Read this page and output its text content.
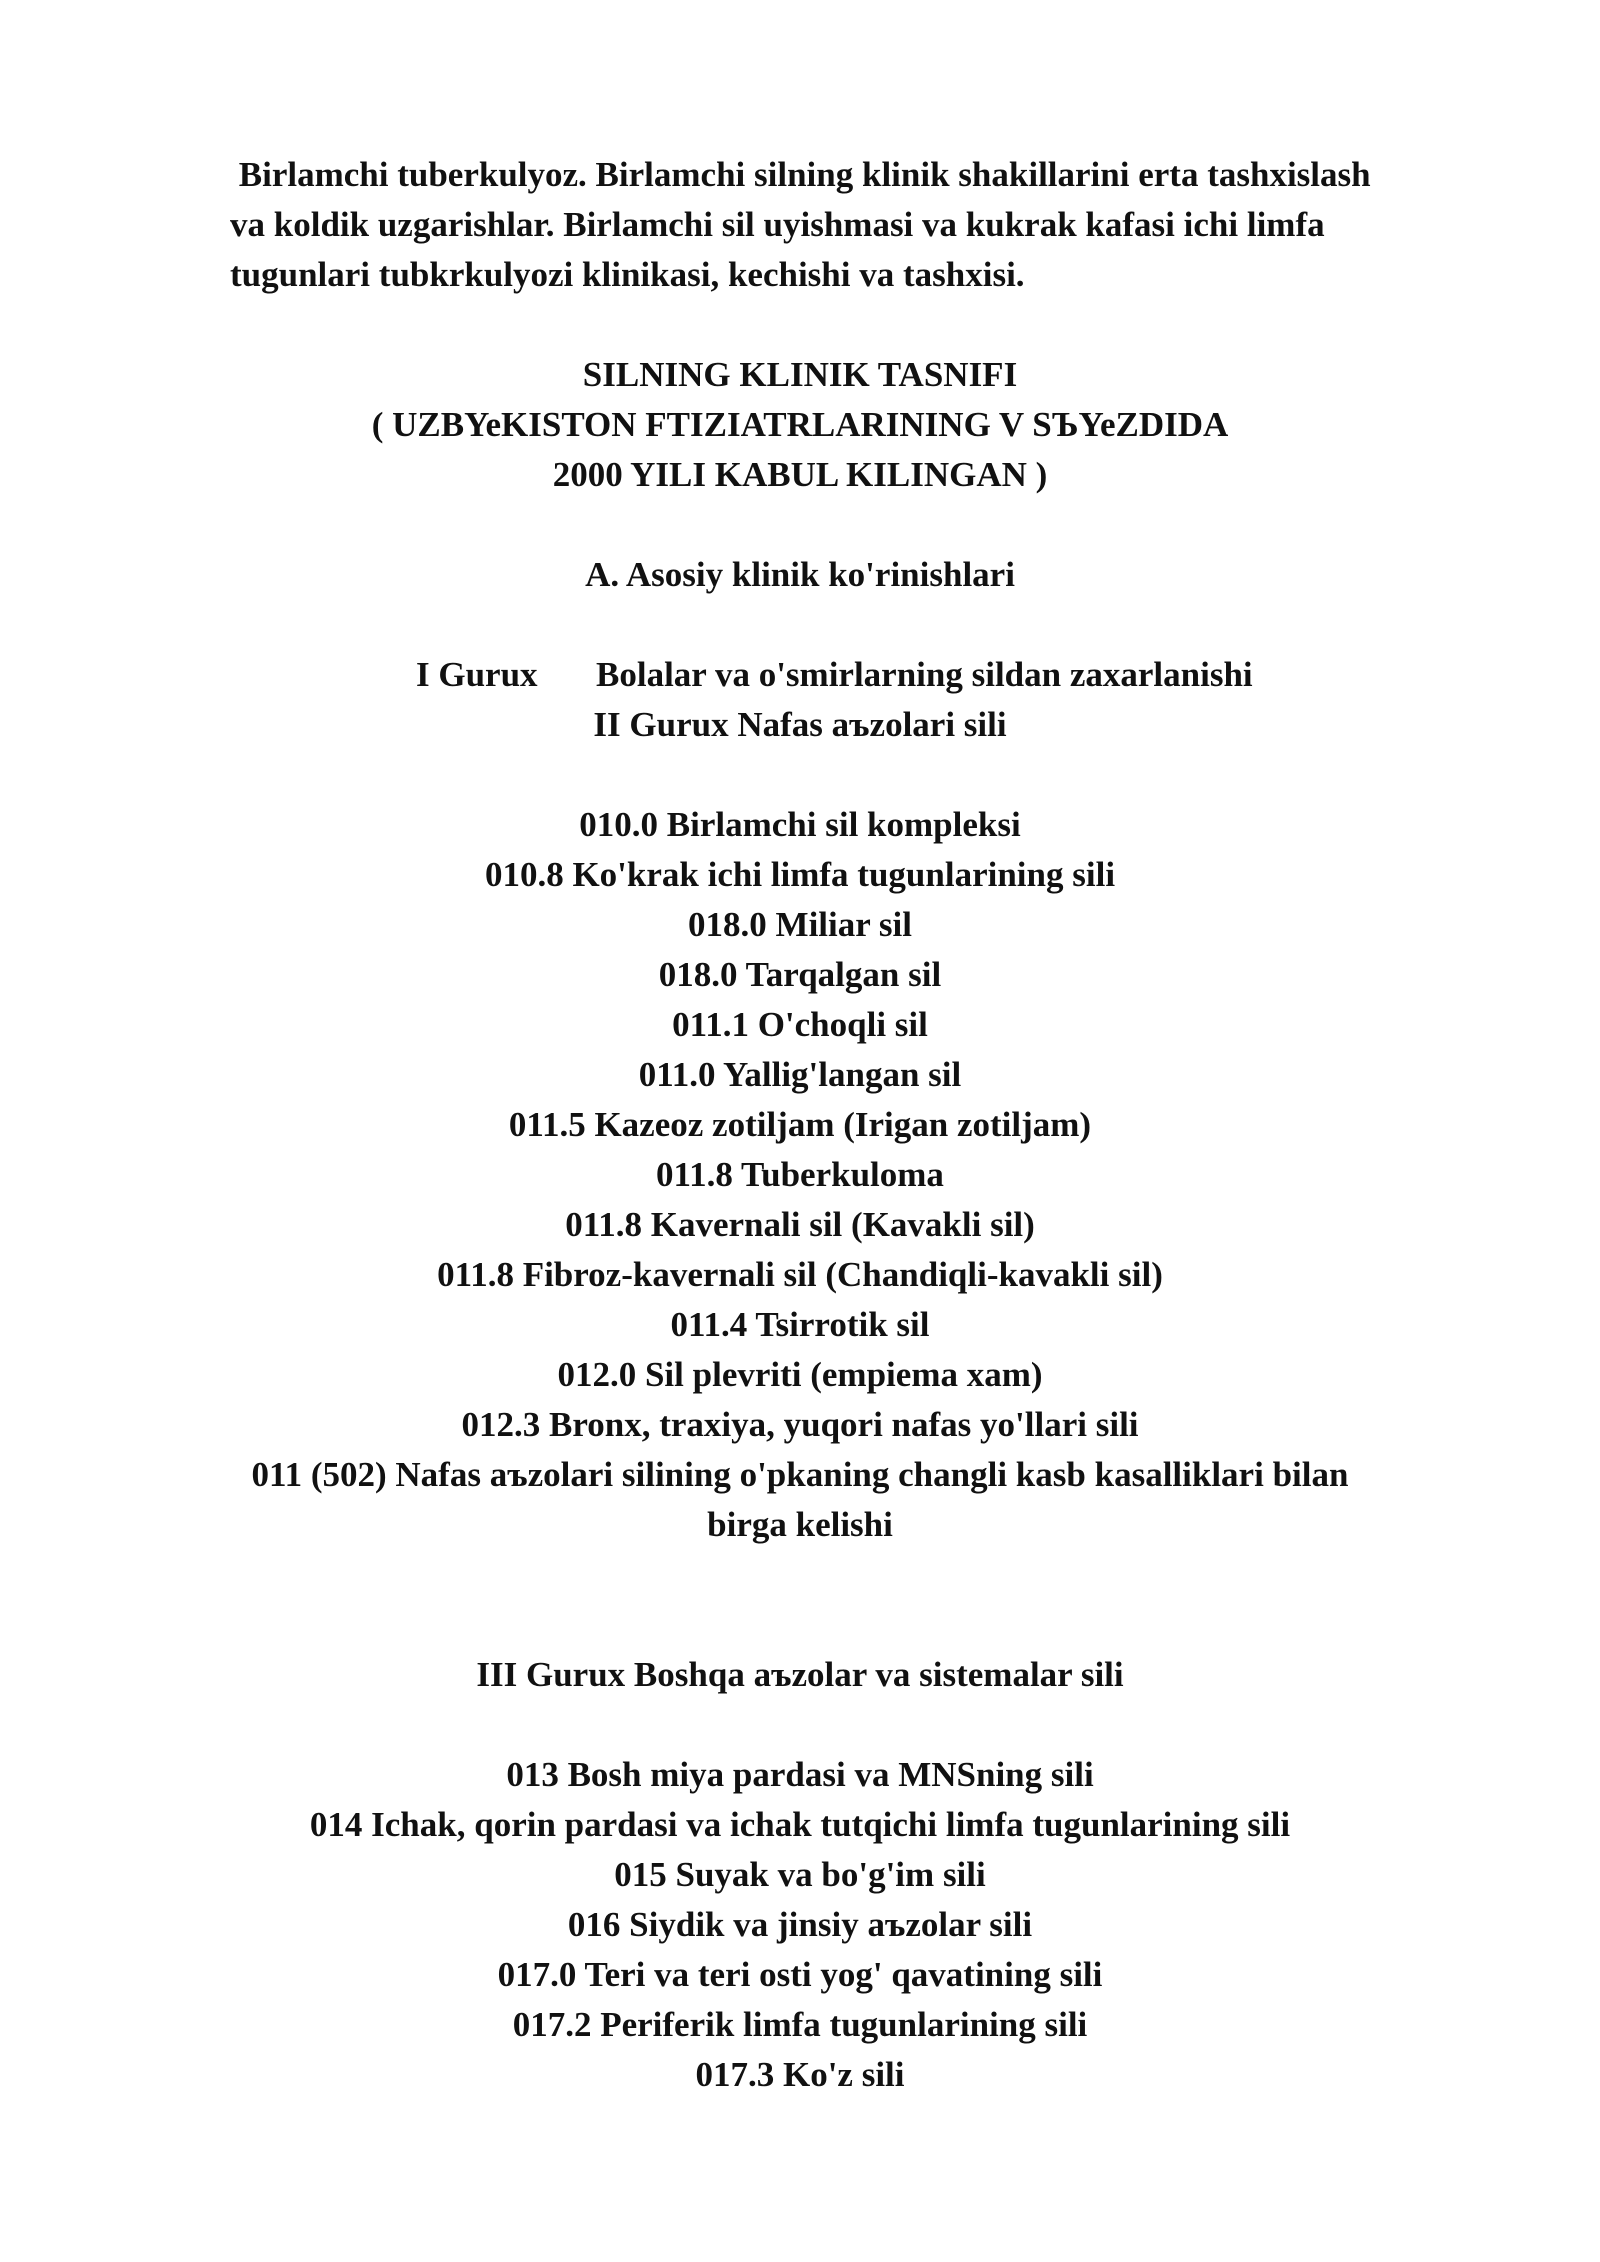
Birlamchi tuberkulyoz. Birlamchi silning klinik shakillarini erta tashxislash

va koldik uzgarishlar. Birlamchi sil uyishmasi va kukrak kafasi ichi limfa

tugunlari tubkrkulyozi klinikasi, kechishi va tashxisi.

SILNING KLINIK TASNIFI
( UZBYeKISTON FTIZIATRLARINING V SЪYeZDIDA
2000 YILI KABUL KILINGAN )
A. Asosiy klinik ko'rinishlari
I Gurux Bolalar va o'smirlarning sildan zaxarlanishi
II Gurux Nafas aъzolari sili
010.0 Birlamchi sil kompleksi
010.8 Ko'krak ichi limfa tugunlarining sili
018.0 Miliar sil
018.0 Tarqalgan sil
011.1 O'choqli sil
011.0 Yallig'langan sil
011.5 Kazeoz zotiljam (Irigan zotiljam)
011.8 Tuberkuloma
011.8 Kavernali sil (Kavakli sil)
011.8 Fibroz-kavernali sil (Chandiqli-kavakli sil)
011.4 Tsirrotik sil
012.0 Sil plevriti (empiema xam)
012.3 Bronx, traxiya, yuqori nafas yo'llari sili
011 (502) Nafas aъzolari silining o'pkaning changli kasb kasalliklari bilan
birga kelishi
III Gurux Boshqa aъzolar va sistemalar sili
013 Bosh miya pardasi va MNSning sili
014 Ichak, qorin pardasi va ichak tutqichi limfa tugunlarining sili
015 Suyak va bo'g'im sili
016 Siydik va jinsiy aъzolar sili
017.0 Teri va teri osti yog' qavatining sili
017.2 Periferik limfa tugunlarining sili
017.3 Ko'z sili
